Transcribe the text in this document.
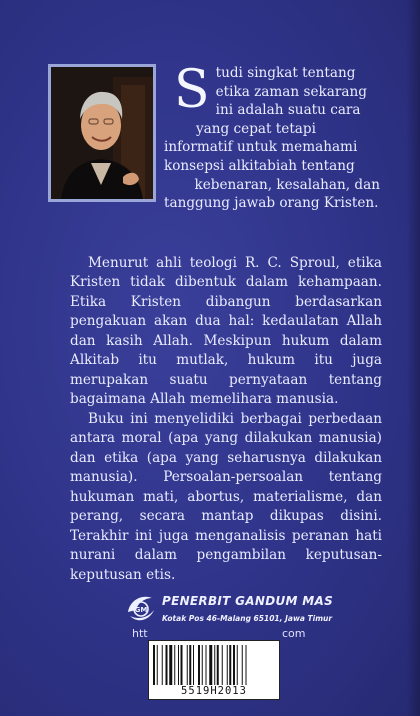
S tudi singkat tentang
etika zaman sekarang
ini adalah suatu cara
yang cepat tetapi
informatif untuk memahami
konsepsi alkitabiah tentang
kebenaran, kesalahan, dan
tanggung jawab orang Kristen.

Menurut ahli teologi R. C. Sproul, etika Kristen tidak dibentuk dalam kehampaan. Etika Kristen dibangun berdasarkan pengakuan akan dua hal: kedaulatan Allah dan kasih Allah. Meskipun hukum dalam Alkitab itu mutlak, hukum itu juga merupakan suatu pernyataan tentang bagaimana Allah memelihara manusia.

Buku ini menyelidiki berbagai perbedaan antara moral (apa yang dilakukan manusia) dan etika (apa yang seharusnya dilakukan manusia). Persoalan-persoalan tentang hukuman mati, abortus, materialisme, dan perang, secara mantap dikupas disini. Terakhir ini juga menganalisis peranan hati nurani dalam pengambilan keputusan-keputusan etis.

GM
PENERBIT GANDUM MAS
Kotak Pos 46-Malang 65101, Jawa Timur
htt	com
5519H2013
